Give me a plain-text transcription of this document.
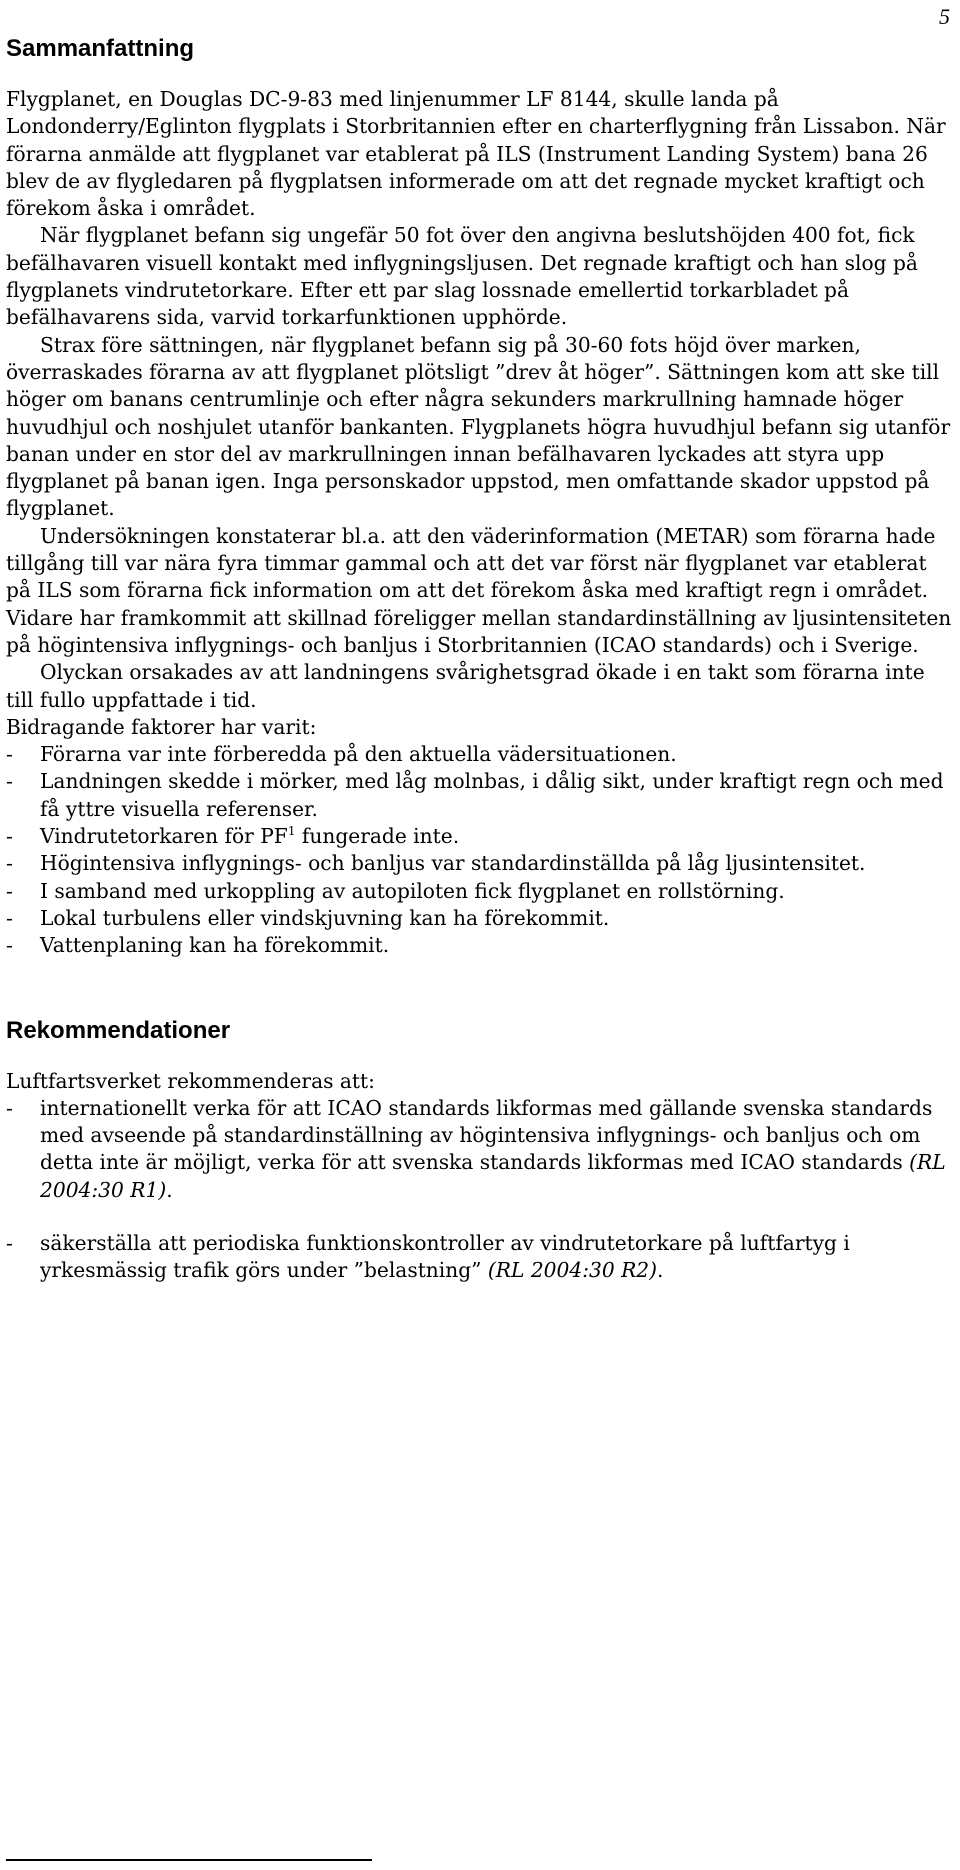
5
Sammanfattning

Flygplanet, en Douglas DC-9-83 med linjenummer LF 8144, skulle landa på Londonderry/Eglinton flygplats i Storbritannien efter en charterflygning från Lissabon. När förarna anmälde att flygplanet var etablerat på ILS (Instrument Landing System) bana 26 blev de av flygledaren på flygplatsen informerade om att det regnade mycket kraftigt och förekom åska i området.

När flygplanet befann sig ungefär 50 fot över den angivna beslutshöjden 400 fot, fick befälhavaren visuell kontakt med inflygningsljusen. Det regnade kraftigt och han slog på flygplanets vindrutetorkare. Efter ett par slag lossnade emellertid torkarbladet på befälhavarens sida, varvid torkarfunktionen upphörde.

Strax före sättningen, när flygplanet befann sig på 30-60 fots höjd över marken, överraskades förarna av att flygplanet plötsligt ”drev åt höger”. Sättningen kom att ske till höger om banans centrumlinje och efter några sekunders markrullning hamnade höger huvudhjul och noshjulet utanför bankanten. Flygplanets högra huvudhjul befann sig utanför banan under en stor del av markrullningen innan befälhavaren lyckades att styra upp flygplanet på banan igen. Inga personskador uppstod, men omfattande skador uppstod på flygplanet.

Undersökningen konstaterar bl.a. att den väderinformation (METAR) som förarna hade tillgång till var nära fyra timmar gammal och att det var först när flygplanet var etablerat på ILS som förarna fick information om att det förekom åska med kraftigt regn i området. Vidare har framkommit att skillnad föreligger mellan standardinställning av ljusintensiteten på högintensiva inflygnings- och banljus i Storbritannien (ICAO standards) och i Sverige.

Olyckan orsakades av att landningens svårighetsgrad ökade i en takt som förarna inte till fullo uppfattade i tid.

Bidragande faktorer har varit:

- Förarna var inte förberedda på den aktuella vädersituationen.
- Landningen skedde i mörker, med låg molnbas, i dålig sikt, under kraftigt regn och med få yttre visuella referenser.
- Vindrutetorkaren för $PF^1$ fungerade inte.
- Högintensiva inflygnings- och banljus var standardinställda på låg ljusintensitet.
- I samband med urkoppling av autopiloten fick flygplanet en rollstörning.
- Lokal turbulens eller vindskjuvning kan ha förekommit.
- Vattenplaning kan ha förekommit.
Rekommendationer

Luftfartsverket rekommenderas att:

- internationellt verka för att ICAO standards likformas med gällande svenska standards med avseende på standardinställning av högintensiva inflygnings- och banljus och om detta inte är möjligt, verka för att svenska standards likformas med ICAO standards (RL 2004:30 R1).
- säkerställa att periodiska funktionskontroller av vindrutetorkare på luftfartyg i yrkesmässig trafik görs under ”belastning” (RL 2004:30 R2).
